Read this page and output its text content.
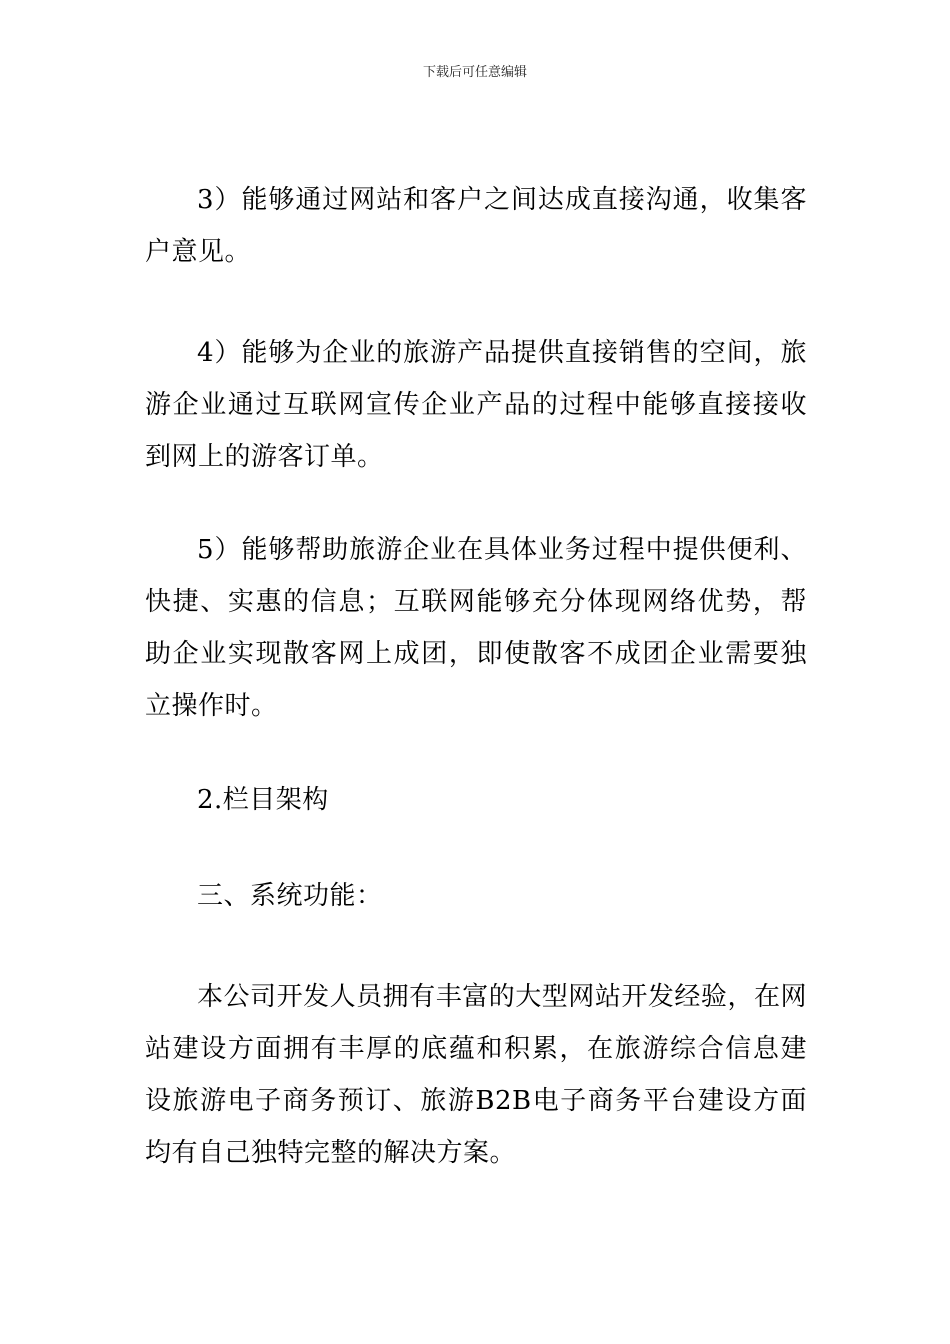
下载后可任意编辑

3）能够通过网站和客户之间达成直接沟通，收集客户意见。

4）能够为企业的旅游产品提供直接销售的空间，旅游企业通过互联网宣传企业产品的过程中能够直接接收到网上的游客订单。

5）能够帮助旅游企业在具体业务过程中提供便利、快捷、实惠的信息；互联网能够充分体现网络优势，帮助企业实现散客网上成团，即使散客不成团企业需要独立操作时。

2.栏目架构

三、系统功能：

本公司开发人员拥有丰富的大型网站开发经验，在网站建设方面拥有丰厚的底蕴和积累，在旅游综合信息建设旅游电子商务预订、旅游B2B电子商务平台建设方面均有自己独特完整的解决方案。
